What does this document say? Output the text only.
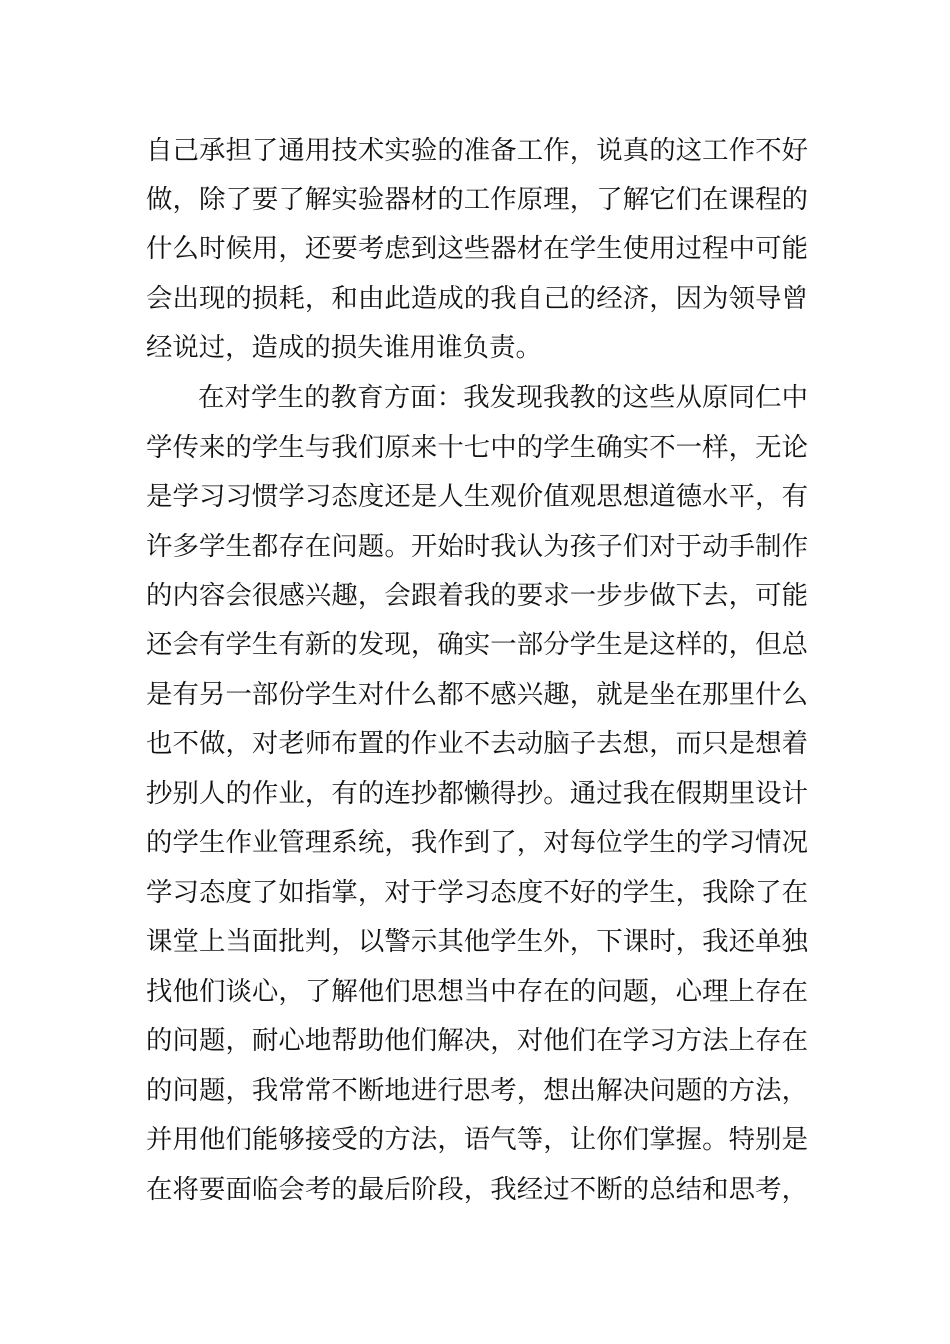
自己承担了通用技术实验的准备工作，说真的这工作不好
做，除了要了解实验器材的工作原理，了解它们在课程的
什么时候用，还要考虑到这些器材在学生使用过程中可能
会出现的损耗，和由此造成的我自己的经济，因为领导曾
经说过，造成的损失谁用谁负责。
在对学生的教育方面：我发现我教的这些从原同仁中
学传来的学生与我们原来十七中的学生确实不一样，无论
是学习习惯学习态度还是人生观价值观思想道德水平，有
许多学生都存在问题。开始时我认为孩子们对于动手制作
的内容会很感兴趣，会跟着我的要求一步步做下去，可能
还会有学生有新的发现，确实一部分学生是这样的，但总
是有另一部份学生对什么都不感兴趣，就是坐在那里什么
也不做，对老师布置的作业不去动脑子去想，而只是想着
抄别人的作业，有的连抄都懒得抄。通过我在假期里设计
的学生作业管理系统，我作到了，对每位学生的学习情况
学习态度了如指掌，对于学习态度不好的学生，我除了在
课堂上当面批判，以警示其他学生外，下课时，我还单独
找他们谈心，了解他们思想当中存在的问题，心理上存在
的问题，耐心地帮助他们解决，对他们在学习方法上存在
的问题，我常常不断地进行思考，想出解决问题的方法，
并用他们能够接受的方法，语气等，让你们掌握。特别是
在将要面临会考的最后阶段，我经过不断的总结和思考，
